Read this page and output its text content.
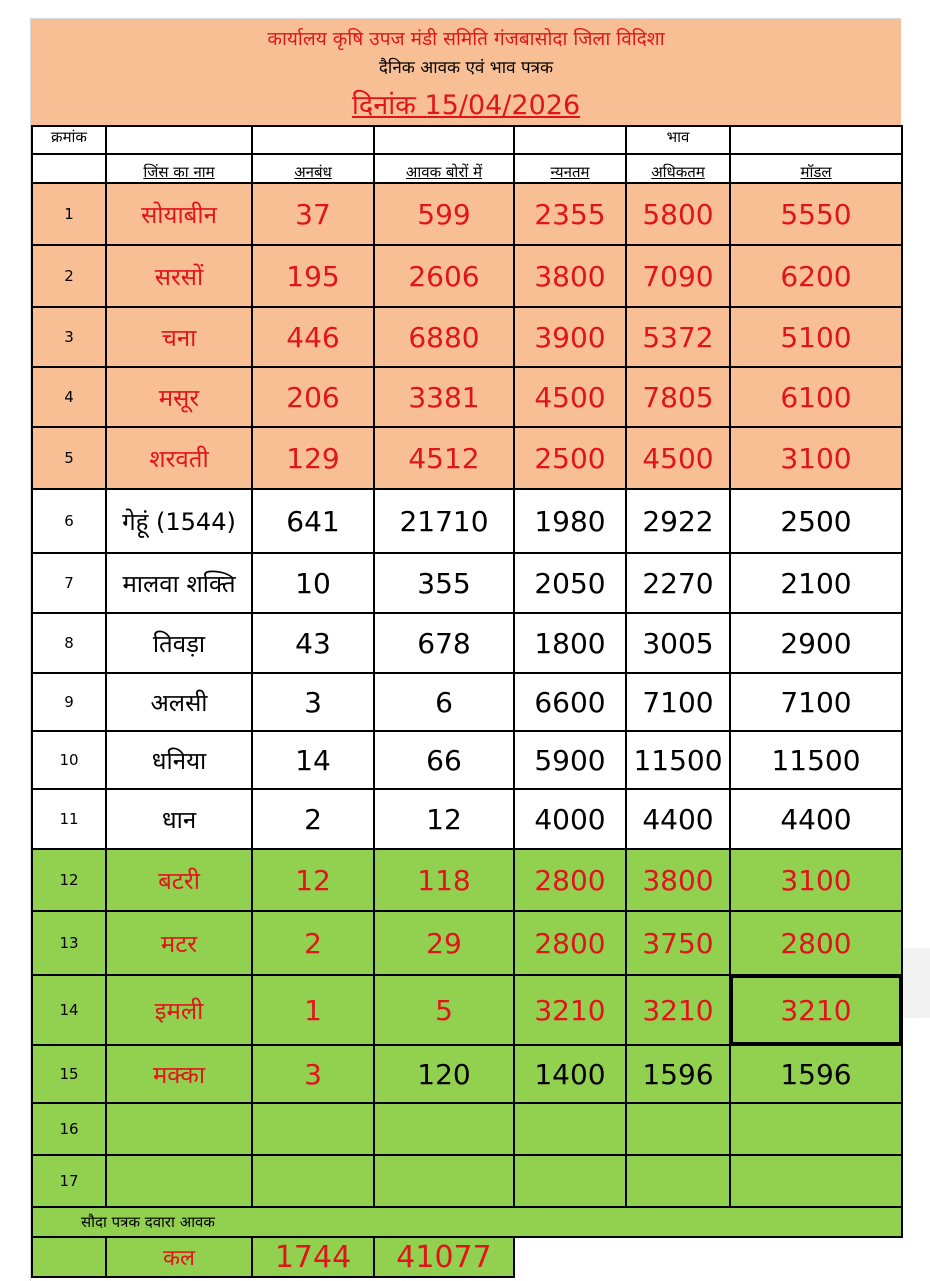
कार्यालय कृषि उपज मंडी समिति गंजबासोदा जिला विदिशा
दैनिक आवक एवं भाव पत्रक
दिनांक 15/04/2026
क्रमांक					भाव	
	जिंस का नाम	अनबंध	आवक बोरों में	न्यनतम	अधिकतम	मॉडल
1	सोयाबीन	37	599	2355	5800	5550
2	सरसों	195	2606	3800	7090	6200
3	चना	446	6880	3900	5372	5100
4	मसूर	206	3381	4500	7805	6100
5	शरवती	129	4512	2500	4500	3100
6	गेहूं (1544)	641	21710	1980	2922	2500
7	मालवा शक्ति	10	355	2050	2270	2100
8	तिवड़ा	43	678	1800	3005	2900
9	अलसी	3	6	6600	7100	7100
10	धनिया	14	66	5900	11500	11500
11	धान	2	12	4000	4400	4400
12	बटरी	12	118	2800	3800	3100
13	मटर	2	29	2800	3750	2800
14	इमली	1	5	3210	3210	3210
15	मक्का	3	120	1400	1596	1596
16						
17						
सौदा पत्रक दवारा आवक						
	कल	1744	41077			
